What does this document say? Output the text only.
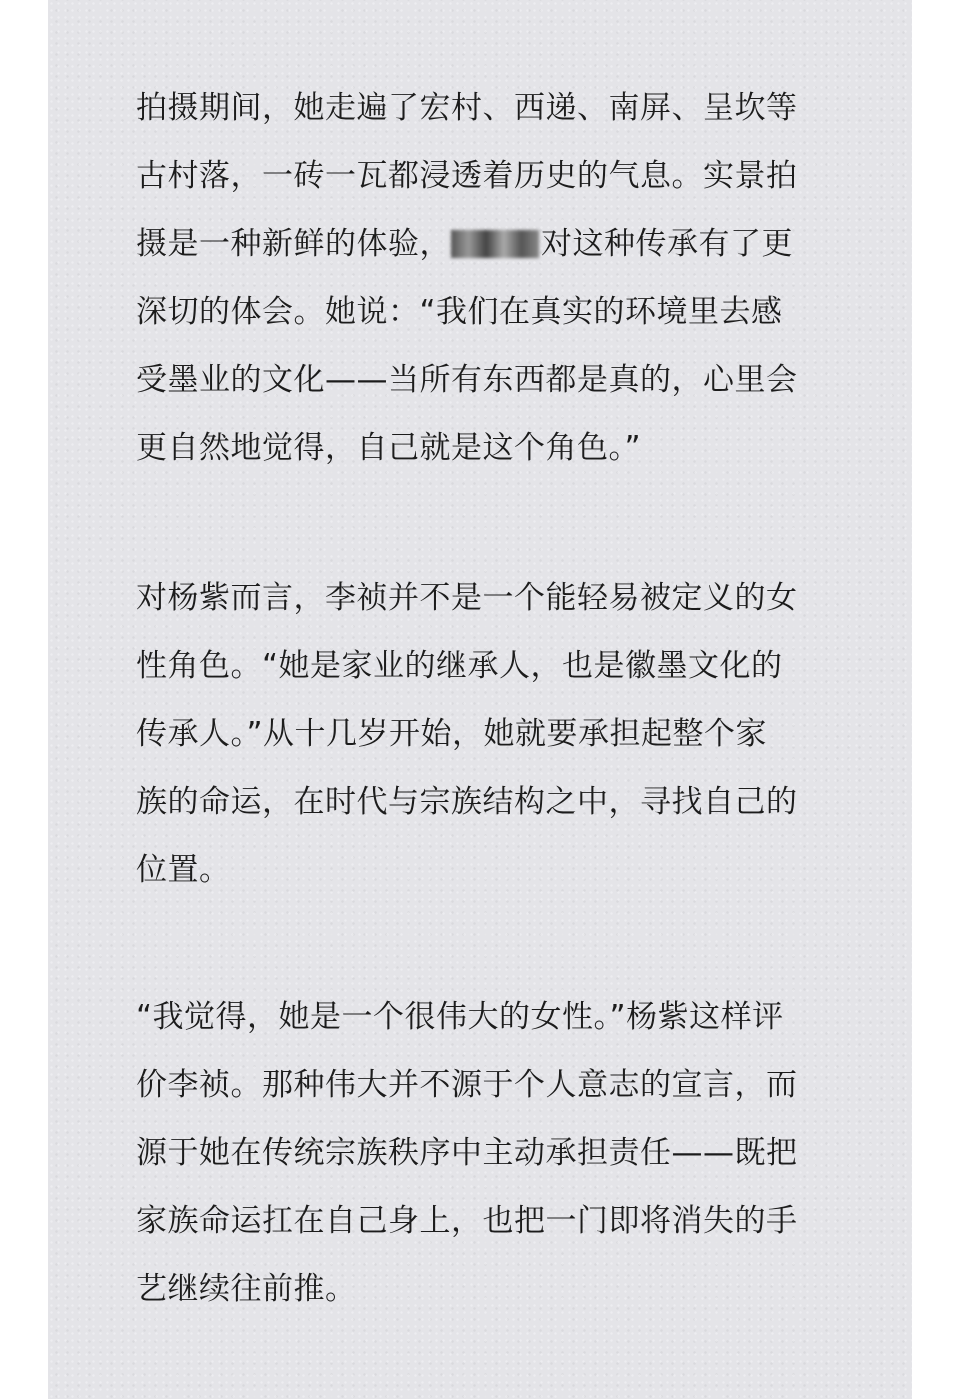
拍摄期间，她走遍了宏村、西递、南屏、呈坎等
古村落，一砖一瓦都浸透着历史的气息。实景拍
摄是一种新鲜的体验，	对这种传承有了更
深切的体会。她说：“我们在真实的环境里去感
受墨业的文化——当所有东西都是真的，心里会
更自然地觉得，自己就是这个角色。”
对杨紫而言，李祯并不是一个能轻易被定义的女
性角色。“她是家业的继承人，也是徽墨文化的
传承人。”从十几岁开始，她就要承担起整个家
族的命运，在时代与宗族结构之中，寻找自己的
位置。
“我觉得，她是一个很伟大的女性。”杨紫这样评
价李祯。那种伟大并不源于个人意志的宣言，而
源于她在传统宗族秩序中主动承担责任——既把
家族命运扛在自己身上，也把一门即将消失的手
艺继续往前推。
